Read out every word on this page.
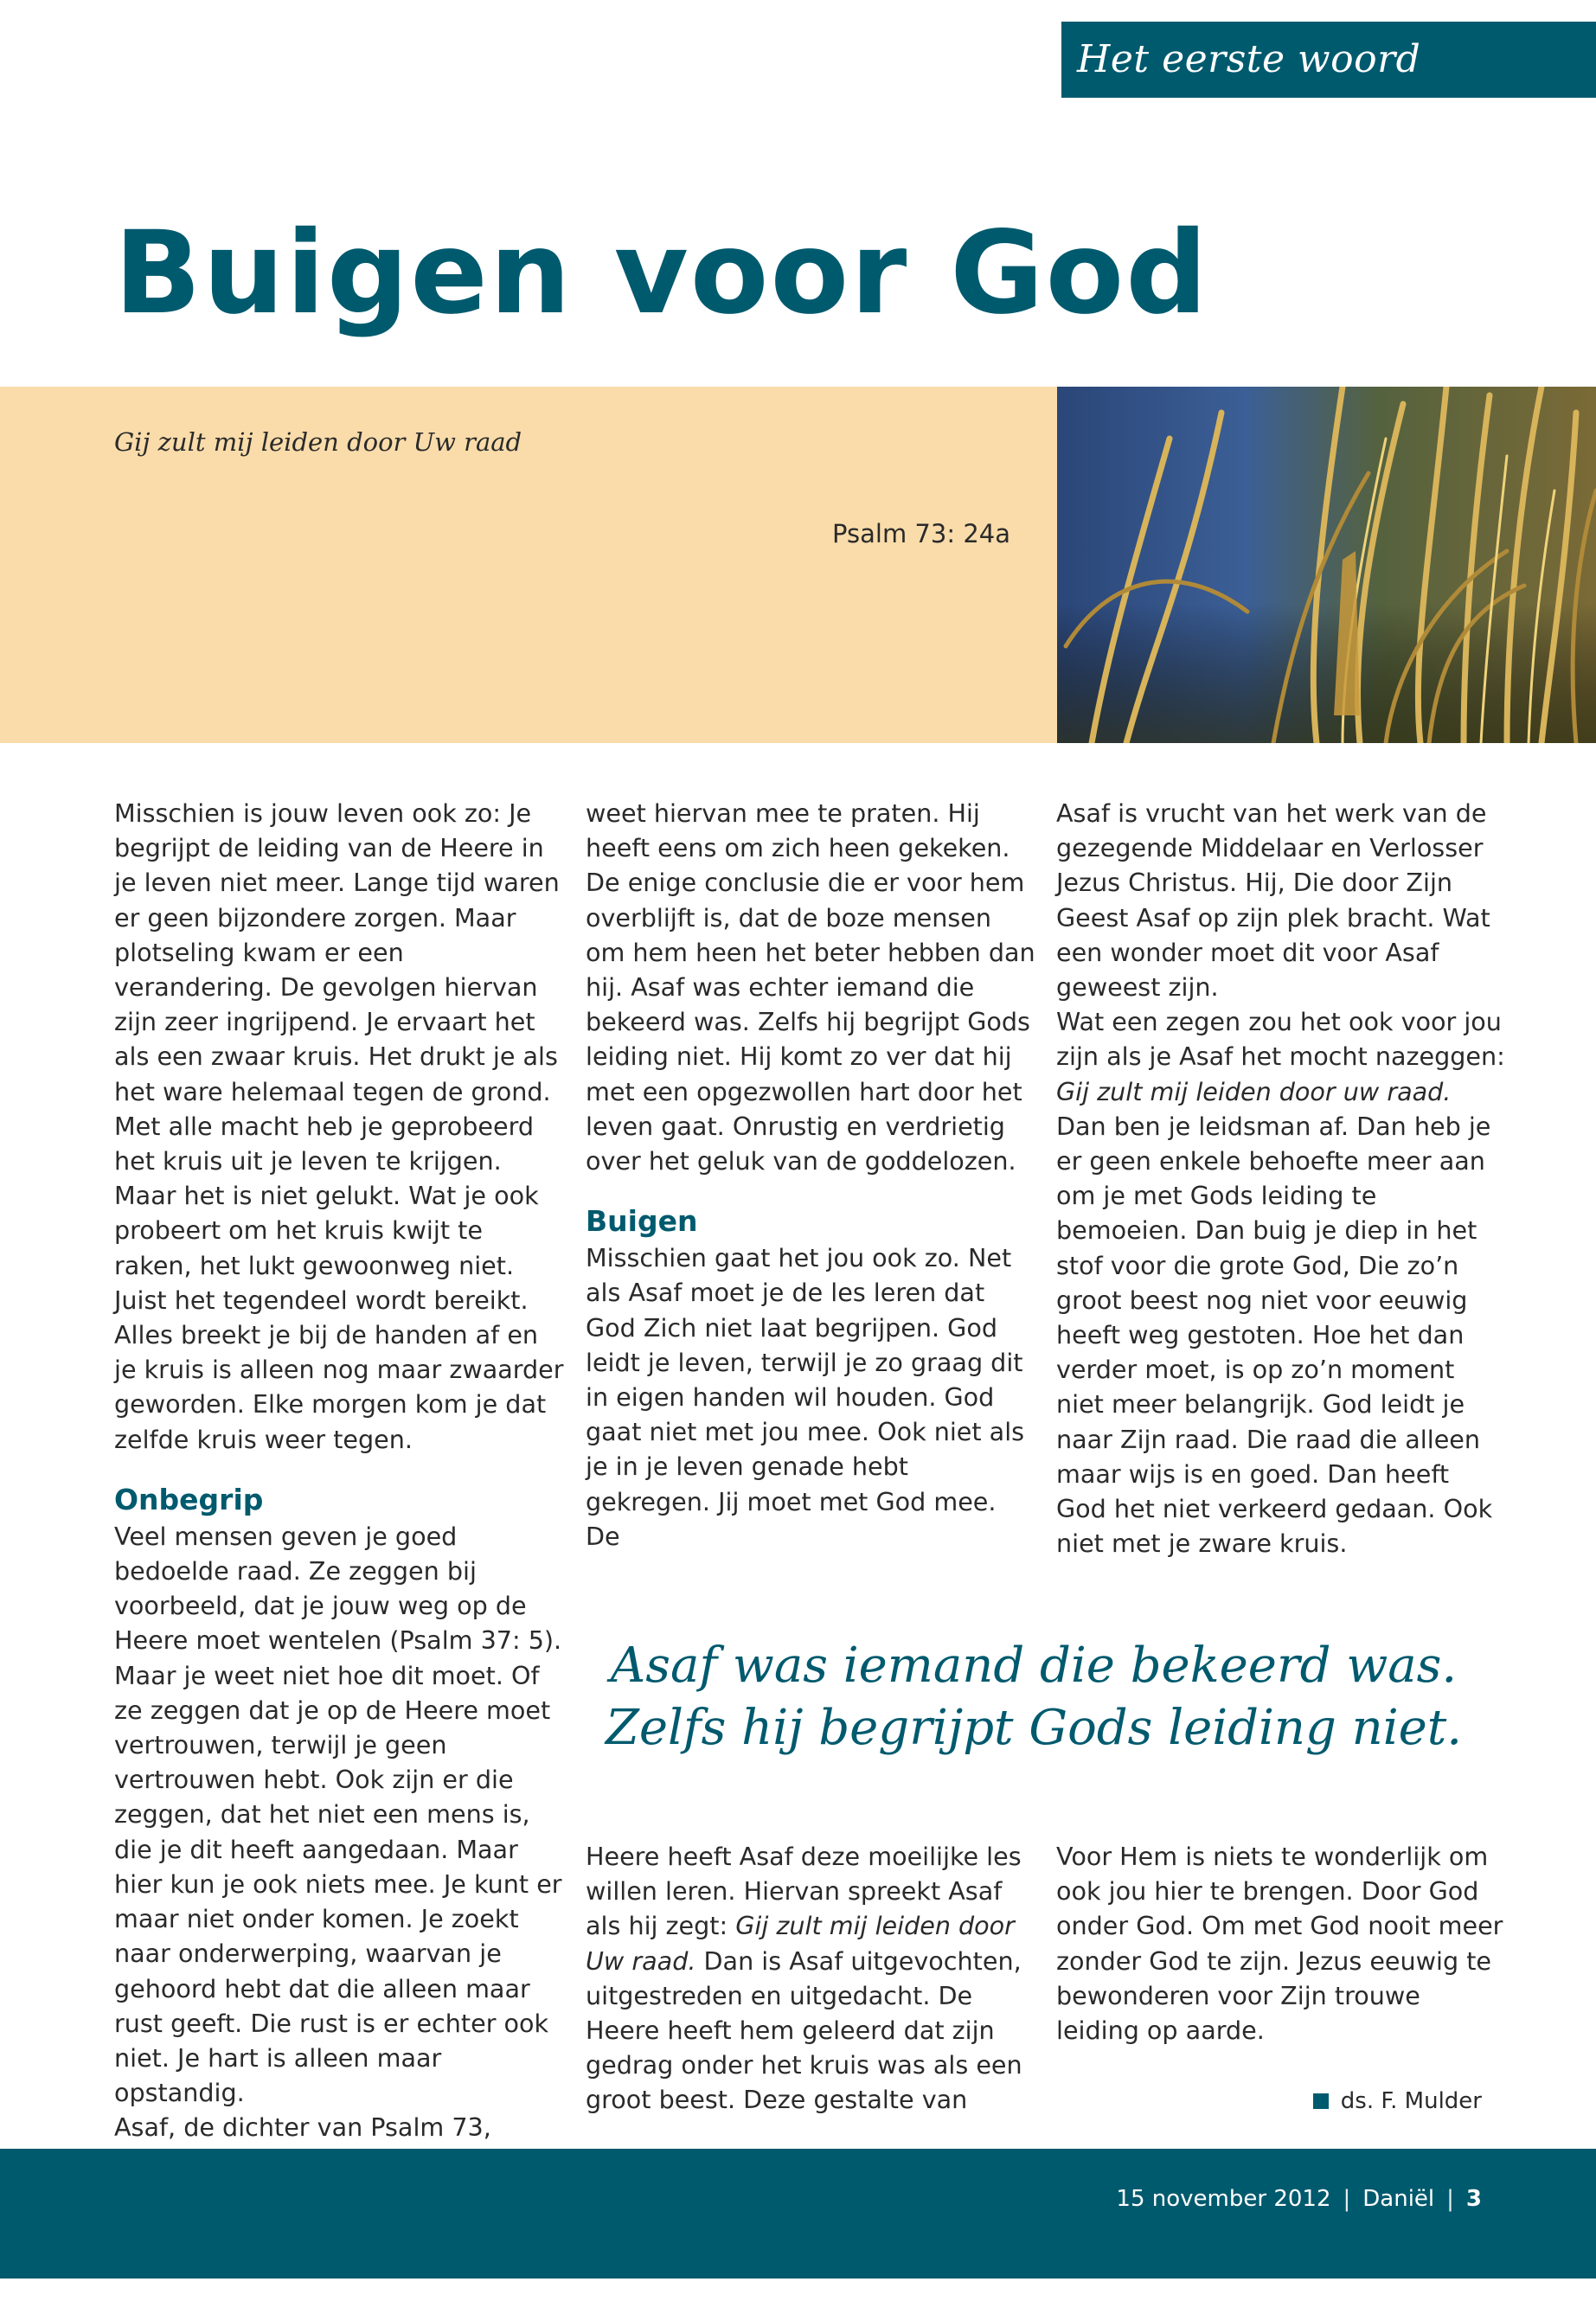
Het eerste woord
Buigen voor God
Gij zult mij leiden door Uw raad
Psalm 73: 24a

Misschien is jouw leven ook zo: Je begrijpt de leiding van de Heere in je leven niet meer. Lange tijd waren er geen bijzondere zorgen. Maar plotseling kwam er een verandering. De gevolgen hiervan zijn zeer ingrijpend. Je ervaart het als een zwaar kruis. Het drukt je als het ware helemaal tegen de grond. Met alle macht heb je geprobeerd het kruis uit je leven te krijgen. Maar het is niet gelukt. Wat je ook probeert om het kruis kwijt te raken, het lukt gewoonweg niet. Juist het tegendeel wordt bereikt. Alles breekt je bij de handen af en je kruis is alleen nog maar zwaarder geworden. Elke morgen kom je dat zelfde kruis weer tegen.

Onbegrip

Veel mensen geven je goed bedoelde raad. Ze zeggen bij voorbeeld, dat je jouw weg op de Heere moet wentelen (Psalm 37: 5). Maar je weet niet hoe dit moet. Of ze zeggen dat je op de Heere moet vertrouwen, terwijl je geen vertrouwen hebt. Ook zijn er die zeggen, dat het niet een mens is, die je dit heeft aangedaan. Maar hier kun je ook niets mee. Je kunt er maar niet onder komen. Je zoekt naar onderwerping, waarvan je gehoord hebt dat die alleen maar rust geeft. Die rust is er echter ook niet. Je hart is alleen maar opstandig.

Asaf, de dichter van Psalm 73,

weet hiervan mee te praten. Hij heeft eens om zich heen gekeken. De enige conclusie die er voor hem overblijft is, dat de boze mensen om hem heen het beter hebben dan hij. Asaf was echter iemand die bekeerd was. Zelfs hij begrijpt Gods leiding niet. Hij komt zo ver dat hij met een opgezwollen hart door het leven gaat. Onrustig en verdrietig over het geluk van de goddelozen.

Buigen

Misschien gaat het jou ook zo. Net als Asaf moet je de les leren dat God Zich niet laat begrijpen. God leidt je leven, terwijl je zo graag dit in eigen handen wil houden. God gaat niet met jou mee. Ook niet als je in je leven genade hebt gekregen. Jij moet met God mee. De

Asaf is vrucht van het werk van de gezegende Middelaar en Verlosser Jezus Christus. Hij, Die door Zijn Geest Asaf op zijn plek bracht. Wat een wonder moet dit voor Asaf geweest zijn.

Wat een zegen zou het ook voor jou zijn als je Asaf het mocht nazeggen: Gij zult mij leiden door uw raad. Dan ben je leidsman af. Dan heb je er geen enkele behoefte meer aan om je met Gods leiding te bemoeien. Dan buig je diep in het stof voor die grote God, Die zo’n groot beest nog niet voor eeuwig heeft weg gestoten. Hoe het dan verder moet, is op zo’n moment niet meer belangrijk. God leidt je naar Zijn raad. Die raad die alleen maar wijs is en goed. Dan heeft God het niet verkeerd gedaan. Ook niet met je zware kruis.

Asaf was iemand die bekeerd was.
Zelfs hij begrijpt Gods leiding niet.

Heere heeft Asaf deze moeilijke les willen leren. Hiervan spreekt Asaf als hij zegt: Gij zult mij leiden door Uw raad. Dan is Asaf uitgevochten, uitgestreden en uitgedacht. De Heere heeft hem geleerd dat zijn gedrag onder het kruis was als een groot beest. Deze gestalte van

Voor Hem is niets te wonderlijk om ook jou hier te brengen. Door God onder God. Om met God nooit meer zonder God te zijn. Jezus eeuwig te bewonderen voor Zijn trouwe leiding op aarde.

ds. F. Mulder
15 november 2012 | Daniël | 3
